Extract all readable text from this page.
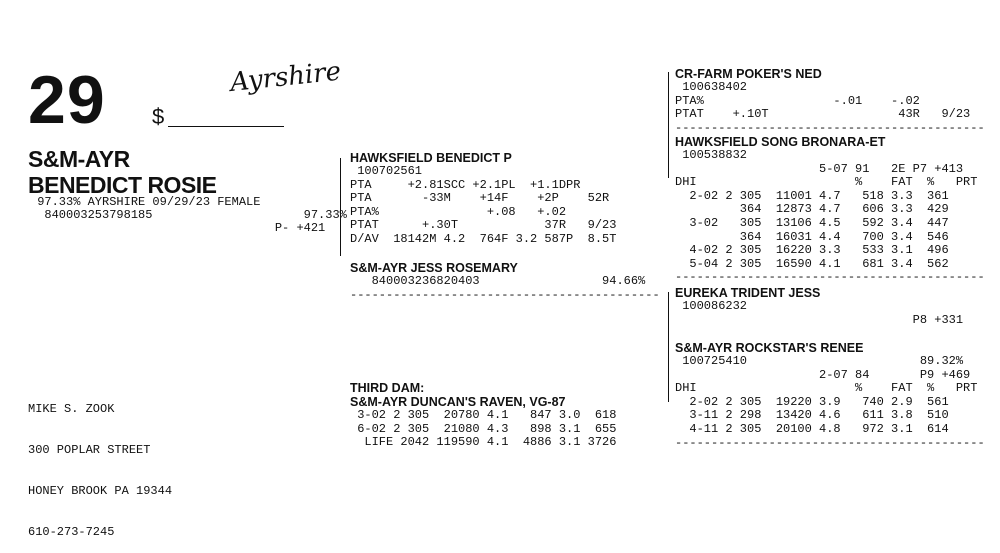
29 $
Ayrshire
S&M-AYR
BENEDICT ROSIE
97.33% AYRSHIRE 09/29/23 FEMALE
840003253798185                     97.33%
P- +421

MIKE S. ZOOK

300 POPLAR STREET

HONEY BROOK PA 19344

610-273-7245

HAWKSFIELD BENEDICT P
100702561
PTA     +2.81SCC +2.1PL  +1.1DPR
PTA       -33M    +14F    +2P    52R
PTA%               +.08   +.02
PTAT      +.30T            37R   9/23
D/AV  18142M 4.2  764F 3.2 587P  8.5T
S&M-AYR JESS ROSEMARY
840003236820403                 94.66%
-------------------------------------------
THIRD DAM:
S&M-AYR DUNCAN'S RAVEN, VG-87
3-02 2 305  20780 4.1   847 3.0  618
6-02 2 305  21080 4.3   898 3.1  655
LIFE 2042 119590 4.1  4886 3.1 3726
CR-FARM POKER'S NED
100638402
PTA%                  -.01    -.02
PTAT    +.10T                  43R   9/23
-------------------------------------------
HAWKSFIELD SONG BRONARA-ET
100538832
5-07 91   2E P7 +413
DHI                      %    FAT  %   PRT
2-02 2 305  11001 4.7   518 3.3  361
364  12873 4.7   606 3.3  429
3-02   305  13106 4.5   592 3.4  447
364  16031 4.4   700 3.4  546
4-02 2 305  16220 3.3   533 3.1  496
5-04 2 305  16590 4.1   681 3.4  562
-------------------------------------------
EUREKA TRIDENT JESS
100086232
P8 +331
S&M-AYR ROCKSTAR'S RENEE
100725410                        89.32%
2-07 84       P9 +469
DHI                      %    FAT  %   PRT
2-02 2 305  19220 3.9   740 2.9  561
3-11 2 298  13420 4.6   611 3.8  510
4-11 2 305  20100 4.8   972 3.1  614
-------------------------------------------
